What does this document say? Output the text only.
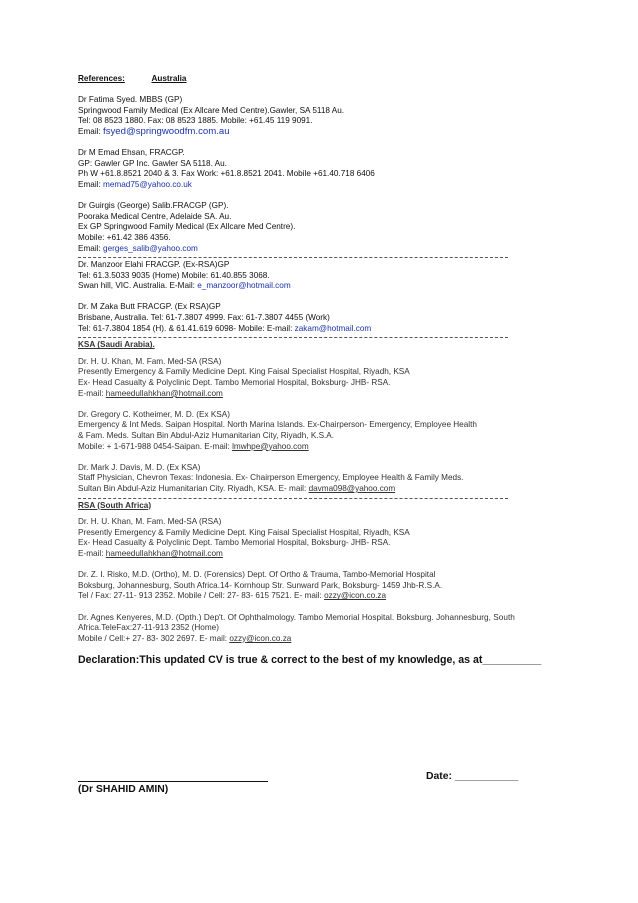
References:	Australia
Dr Fatima Syed. MBBS (GP)
Springwood Family Medical (Ex Allcare Med Centre).Gawler, SA 5118 Au.
Tel: 08 8523 1880. Fax: 08 8523 1885. Mobile: +61.45 119 9091.
Email: fsyed@springwoodfm.com.au
Dr M Emad Ehsan, FRACGP.
GP: Gawler GP Inc. Gawler SA 5118. Au.
Ph W +61.8.8521 2040 & 3. Fax Work: +61.8.8521 2041. Mobile +61.40.718 6406
Email: memad75@yahoo.co.uk
Dr Guirgis (George) Salib.FRACGP (GP).
Pooraka Medical Centre, Adelaide SA. Au.
Ex GP Springwood Family Medical (Ex Allcare Med Centre).
Mobile: +61.42 386 4356.
Email: gerges_salib@yahoo.com
Dr. Manzoor Elahi FRACGP. (Ex-RSA)GP
Tel: 61.3.5033 9035 (Home) Mobile: 61.40.855 3068.
Swan hill, VIC. Australia. E-Mail: e_manzoor@hotmail.com
Dr. M Zaka Butt FRACGP. (Ex RSA)GP
Brisbane, Australia. Tel: 61-7.3807 4999. Fax: 61-7.3807 4455 (Work)
Tel: 61-7.3804 1854 (H). & 61.41.619 6098- Mobile: E-mail: zakam@hotmail.com
KSA (Saudi Arabia).
Dr. H. U. Khan, M. Fam. Med-SA (RSA)
Presently Emergency & Family Medicine Dept. King Faisal Specialist Hospital, Riyadh, KSA
Ex- Head Casualty & Polyclinic Dept. Tambo Memorial Hospital, Boksburg- JHB- RSA.
E-mail: hameedullahkhan@hotmail.com
Dr. Gregory C. Kotheimer, M. D. (Ex KSA)
Emergency & Int Meds. Saipan Hospital. North Marina Islands. Ex-Chairperson- Emergency, Employee Health
& Fam. Meds. Sultan Bin Abdul-Aziz Humanitarian City, Riyadh, K.S.A.
Mobile: + 1-671-988 0454-Saipan. E-mail: lmwhpe@yahoo.com
Dr. Mark J. Davis, M. D. (Ex KSA)
Staff Physician, Chevron Texas: Indonesia. Ex- Chairperson Emergency, Employee Health & Family Meds.
Sultan Bin Abdul-Aziz Humanitarian City. Riyadh, KSA. E- mail: davma098@yahoo.com
RSA (South Africa)
Dr. H. U. Khan, M. Fam. Med-SA (RSA)
Presently Emergency & Family Medicine Dept. King Faisal Specialist Hospital, Riyadh, KSA
Ex- Head Casualty & Polyclinic Dept. Tambo Memorial Hospital, Boksburg- JHB- RSA.
E-mail: hameedullahkhan@hotmail.com
Dr. Z. I. Risko, M.D. (Ortho), M. D. (Forensics) Dept. Of Ortho & Trauma, Tambo-Memorial Hospital
Boksburg, Johannesburg, South Africa.14- Kornhoup Str. Sunward Park, Boksburg- 1459 Jhb-R.S.A.
Tel / Fax: 27-11- 913 2352. Mobile / Cell: 27- 83- 615 7521. E- mail: ozzy@icon.co.za
Dr. Agnes Kenyeres, M.D. (Opth.) Dep't. Of Ophthalmology. Tambo Memorial Hospital. Boksburg. Johannesburg, South
Africa.TeleFax:27-11-913 2352 (Home)
Mobile / Cell:+ 27- 83- 302 2697. E- mail: ozzy@icon.co.za
Declaration:This updated CV is true & correct to the best of my knowledge, as at__________
Date: ___________
(Dr SHAHID AMIN)
